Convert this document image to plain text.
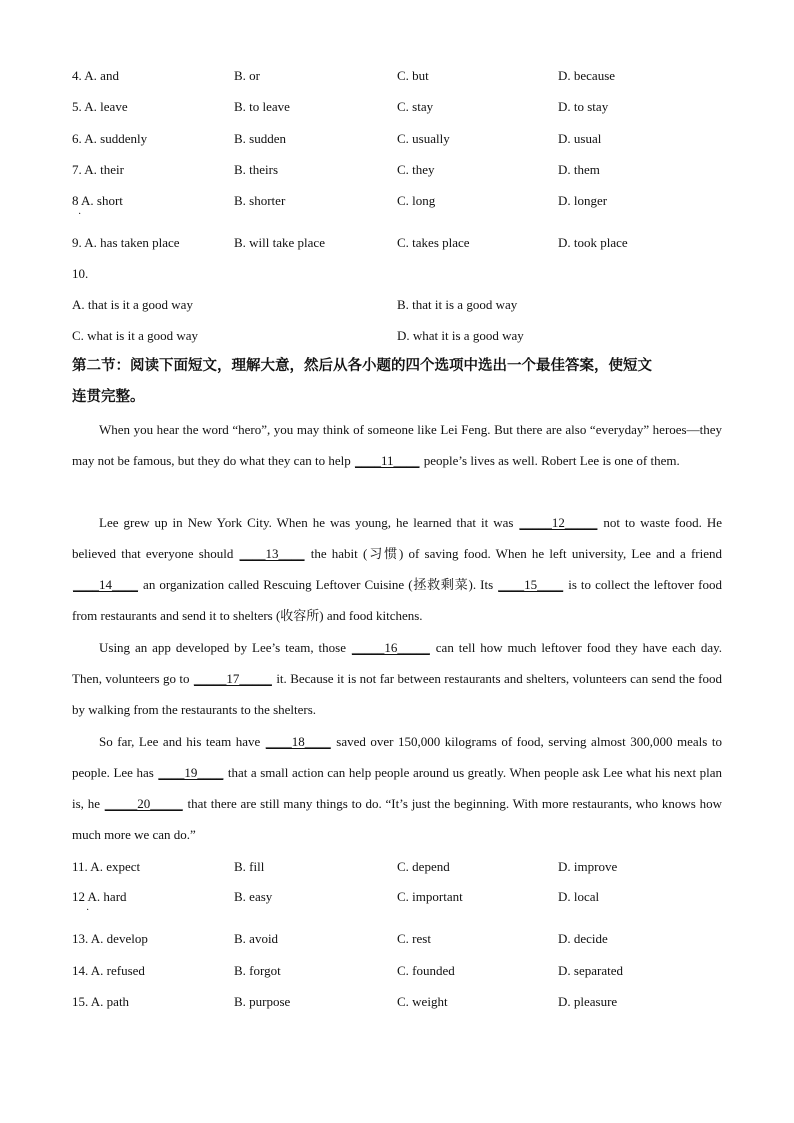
4. A. and	B. or	C. but	D. because
5. A. leave	B. to leave	C. stay	D. to stay
6. A. suddenly	B. sudden	C. usually	D. usual
7. A. their	B. theirs	C. they	D. them
8 A. short	B. shorter	C. long	D. longer
·
9. A. has taken place	B. will take place	C. takes place	D. took place
10.
A. that is it a good way	B. that it is a good way
C. what is it a good way	D. what it is a good way
第二节：阅读下面短文，理解大意，然后从各小题的四个选项中选出一个最佳答案，使短文
连贯完整。
When you hear the word “hero”, you may think of someone like Lei Feng. But there are also “everyday” heroes—they may not be famous, but they do what they can to help ____11____ people’s lives as well. Robert Lee is one of them.
Lee grew up in New York City. When he was young, he learned that it was _____12_____ not to waste food. He believed that everyone should ____13____ the habit (习惯) of saving food. When he left university, Lee and a friend ____14____ an organization called Rescuing Leftover Cuisine (拯救剩菜). Its ____15____ is to collect the leftover food from restaurants and send it to shelters (收容所) and food kitchens.
Using an app developed by Lee’s team, those _____16_____ can tell how much leftover food they have each day. Then, volunteers go to _____17_____ it. Because it is not far between restaurants and shelters, volunteers can send the food by walking from the restaurants to the shelters.
So far, Lee and his team have ____18____ saved over 150,000 kilograms of food, serving almost 300,000 meals to people. Lee has ____19____ that a small action can help people around us greatly. When people ask Lee what his next plan is, he _____20_____ that there are still many things to do. “It’s just the beginning. With more restaurants, who knows how much more we can do.”
11. A. expect	B. fill	C. depend	D. improve
12 A. hard	B. easy	C. important	D. local
·
13. A. develop	B. avoid	C. rest	D. decide
14. A. refused	B. forgot	C. founded	D. separated
15. A. path	B. purpose	C. weight	D. pleasure
